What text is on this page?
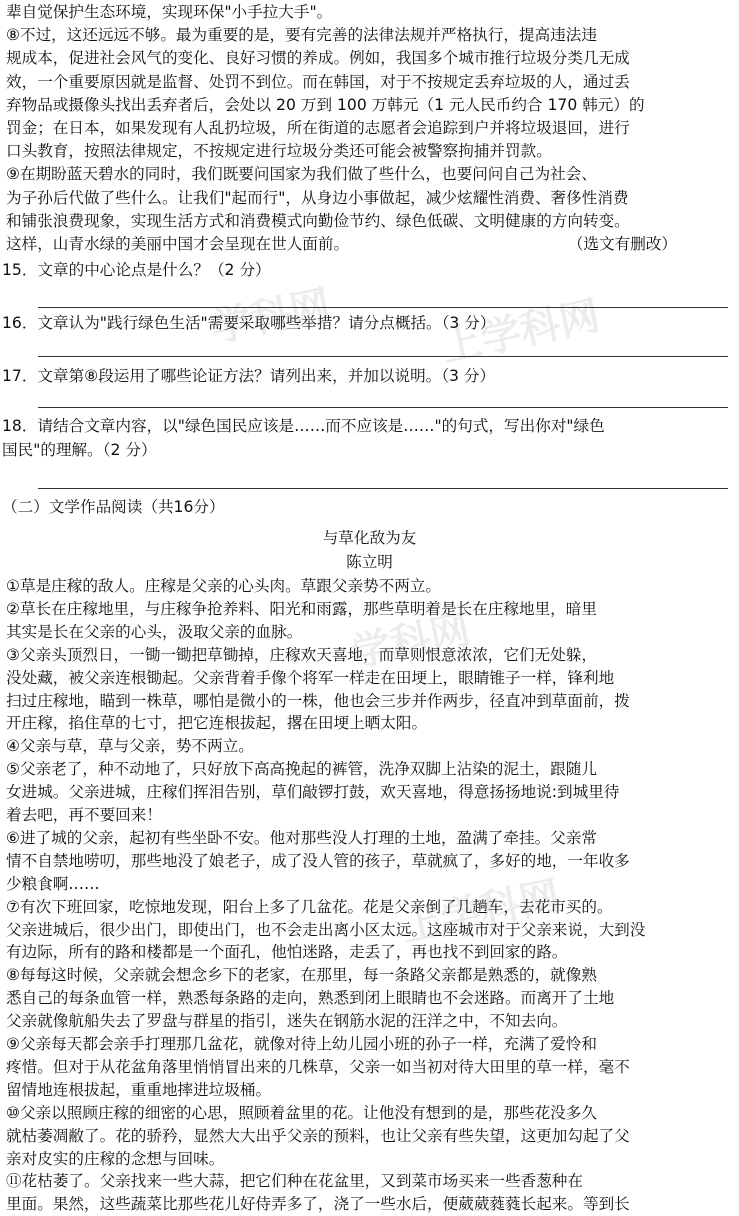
学科网	上学科网
学科网
上学科网
辈自觉保护生态环境，实现环保"小手拉大手"。
⑧不过，这还远远不够。最为重要的是，要有完善的法律法规并严格执行，提高违法违
规成本，促进社会风气的变化、良好习惯的养成。例如，我国多个城市推行垃圾分类几无成
效，一个重要原因就是监督、处罚不到位。而在韩国，对于不按规定丢弃垃圾的人，通过丢
弃物品或摄像头找出丢弃者后，会处以 20 万到 100 万韩元（1 元人民币约合 170 韩元）的
罚金；在日本，如果发现有人乱扔垃圾，所在街道的志愿者会追踪到户并将垃圾退回，进行
口头教育，按照法律规定，不按规定进行垃圾分类还可能会被警察拘捕并罚款。
⑨在期盼蓝天碧水的同时，我们既要问国家为我们做了些什么，也要问问自己为社会、
为子孙后代做了些什么。让我们"起而行"，从身边小事做起，减少炫耀性消费、奢侈性消费
和铺张浪费现象，实现生活方式和消费模式向勤俭节约、绿色低碳、文明健康的方向转变。
这样，山青水绿的美丽中国才会呈现在世人面前。	（选文有删改）
15．文章的中心论点是什么？（2 分）
16．文章认为"践行绿色生活"需要采取哪些举措？请分点概括。（3 分）
17．文章第⑧段运用了哪些论证方法？请列出来，并加以说明。（3 分）
18．请结合文章内容，以"绿色国民应该是……而不应该是……"的句式，写出你对"绿色
国民"的理解。（2 分）
（二）文学作品阅读（共16分）
与草化敌为友
陈立明
①草是庄稼的敌人。庄稼是父亲的心头肉。草跟父亲势不两立。
②草长在庄稼地里，与庄稼争抢养料、阳光和雨露，那些草明着是长在庄稼地里，暗里
其实是长在父亲的心头，汲取父亲的血脉。
③父亲头顶烈日，一锄一锄把草锄掉，庄稼欢天喜地，而草则恨意浓浓，它们无处躲，
没处藏，被父亲连根锄起。父亲背着手像个将军一样走在田埂上，眼睛锥子一样，锋利地
扫过庄稼地，瞄到一株草，哪怕是微小的一株，他也会三步并作两步，径直冲到草面前，拨
开庄稼，掐住草的七寸，把它连根拔起，撂在田埂上晒太阳。
④父亲与草，草与父亲，势不两立。
⑤父亲老了，种不动地了，只好放下高高挽起的裤管，洗净双脚上沾染的泥土，跟随儿
女进城。父亲进城，庄稼们挥泪告别，草们敲锣打鼓，欢天喜地，得意扬扬地说:到城里待
着去吧，再不要回来！
⑥进了城的父亲，起初有些坐卧不安。他对那些没人打理的土地，盈满了牵挂。父亲常
情不自禁地唠叨，那些地没了娘老子，成了没人管的孩子，草就疯了，多好的地，一年收多
少粮食啊……
⑦有次下班回家，吃惊地发现，阳台上多了几盆花。花是父亲倒了几趟车，去花市买的。
父亲进城后，很少出门，即使出门，也不会走出离小区太远。这座城市对于父亲来说，大到没
有边际，所有的路和楼都是一个面孔，他怕迷路，走丢了，再也找不到回家的路。
⑧每每这时候，父亲就会想念乡下的老家，在那里，每一条路父亲都是熟悉的，就像熟
悉自己的每条血管一样，熟悉每条路的走向，熟悉到闭上眼睛也不会迷路。而离开了土地
父亲就像航船失去了罗盘与群星的指引，迷失在钢筋水泥的汪洋之中，不知去向。
⑨父亲每天都会亲手打理那几盆花，就像对待上幼儿园小班的孙子一样，充满了爱怜和
疼惜。但对于从花盆角落里悄悄冒出来的几株草，父亲一如当初对待大田里的草一样，毫不
留情地连根拔起，重重地摔进垃圾桶。
⑩父亲以照顾庄稼的细密的心思，照顾着盆里的花。让他没有想到的是，那些花没多久
就枯萎凋敝了。花的骄矜，显然大大出乎父亲的预料，也让父亲有些失望，这更加勾起了父
亲对皮实的庄稼的念想与回味。
⑪花枯萎了。父亲找来一些大蒜，把它们种在花盆里，又到菜市场买来一些香葱种在
里面。果然，这些蔬菜比那些花儿好侍弄多了，浇了一些水后，便葳葳蕤蕤长起来。等到长
